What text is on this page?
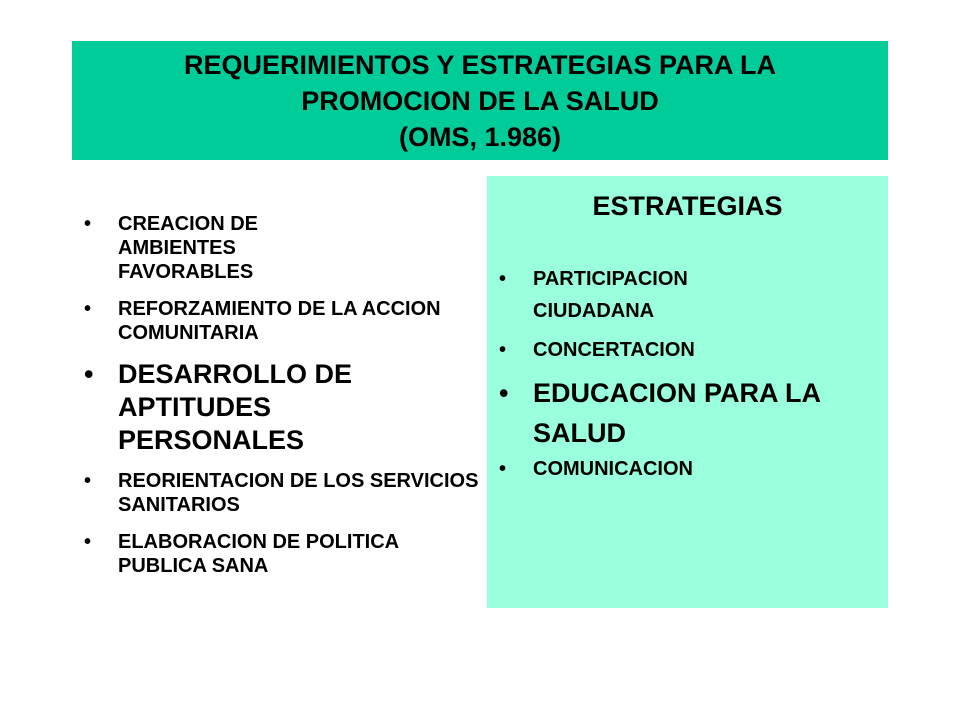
REQUERIMIENTOS Y ESTRATEGIAS PARA LA
PROMOCION DE LA SALUD
(OMS, 1.986)
• CREACION DE AMBIENTES FAVORABLES
• REFORZAMIENTO DE LA ACCION COMUNITARIA
• DESARROLLO DE APTITUDES PERSONALES
• REORIENTACION DE LOS SERVICIOS SANITARIOS
• ELABORACION DE POLITICA PUBLICA SANA
ESTRATEGIAS
• PARTICIPACION CIUDADANA
• CONCERTACION
• EDUCACION PARA LA SALUD
• COMUNICACION
